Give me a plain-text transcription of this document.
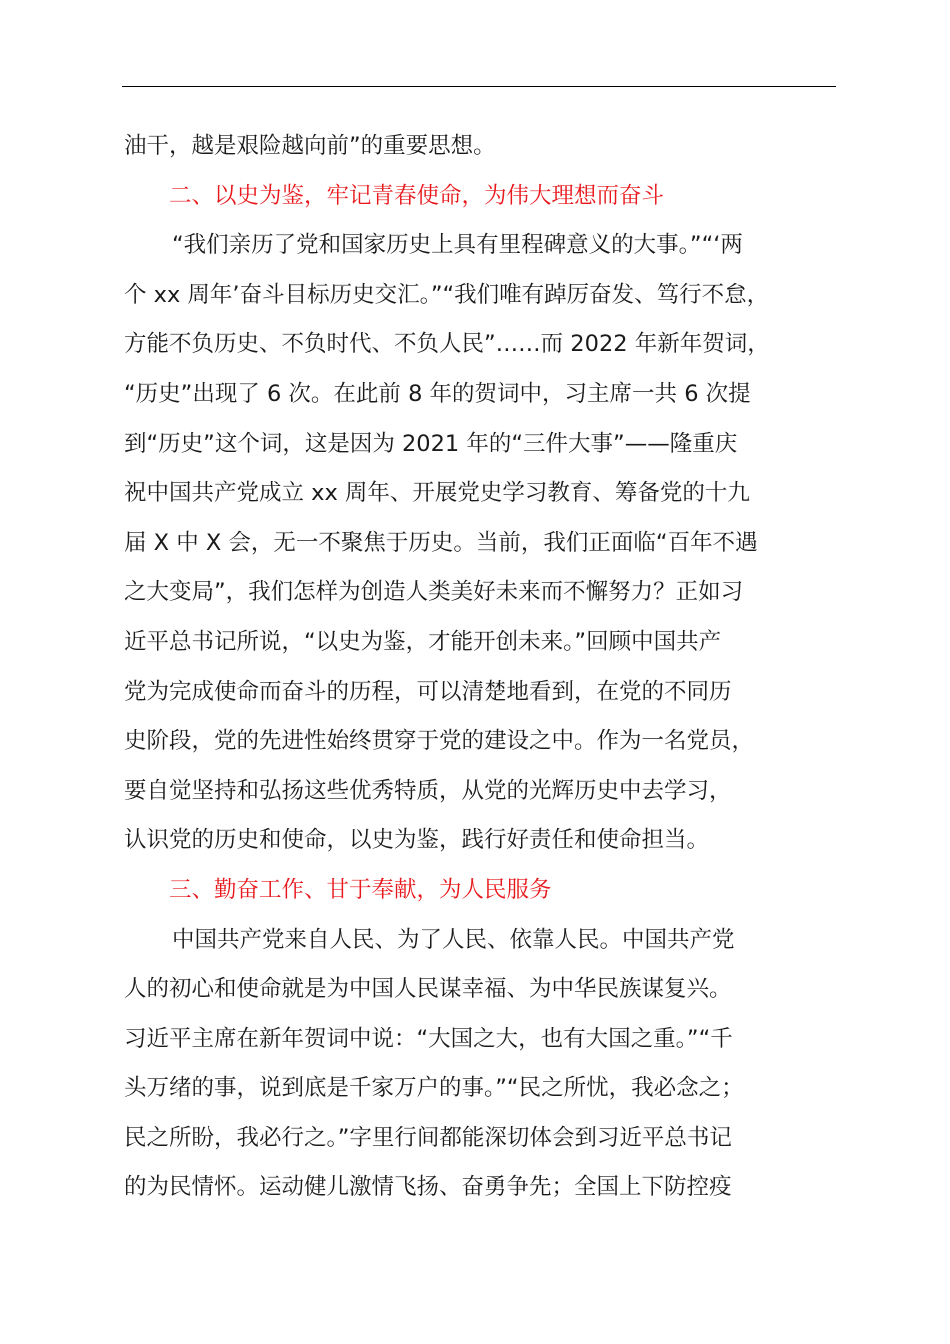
油干，越是艰险越向前”的重要思想。
二、以史为鉴，牢记青春使命，为伟大理想而奋斗
“我们亲历了党和国家历史上具有里程碑意义的大事。”“‘两
个 xx 周年’奋斗目标历史交汇。”“我们唯有踔厉奋发、笃行不怠，
方能不负历史、不负时代、不负人民”……而 2022 年新年贺词，
“历史”出现了 6 次。在此前 8 年的贺词中，习主席一共 6 次提
到“历史”这个词，这是因为 2021 年的“三件大事”——隆重庆
祝中国共产党成立 xx 周年、开展党史学习教育、筹备党的十九
届 X 中 X 会，无一不聚焦于历史。当前，我们正面临“百年不遇
之大变局”，我们怎样为创造人类美好未来而不懈努力？正如习
近平总书记所说，“以史为鉴，才能开创未来。”回顾中国共产
党为完成使命而奋斗的历程，可以清楚地看到，在党的不同历
史阶段，党的先进性始终贯穿于党的建设之中。作为一名党员，
要自觉坚持和弘扬这些优秀特质，从党的光辉历史中去学习，
认识党的历史和使命，以史为鉴，践行好责任和使命担当。
三、勤奋工作、甘于奉献，为人民服务
中国共产党来自人民、为了人民、依靠人民。中国共产党
人的初心和使命就是为中国人民谋幸福、为中华民族谋复兴。
习近平主席在新年贺词中说：“大国之大，也有大国之重。”“千
头万绪的事，说到底是千家万户的事。”“民之所忧，我必念之；
民之所盼，我必行之。”字里行间都能深切体会到习近平总书记
的为民情怀。运动健儿激情飞扬、奋勇争先；全国上下防控疫
